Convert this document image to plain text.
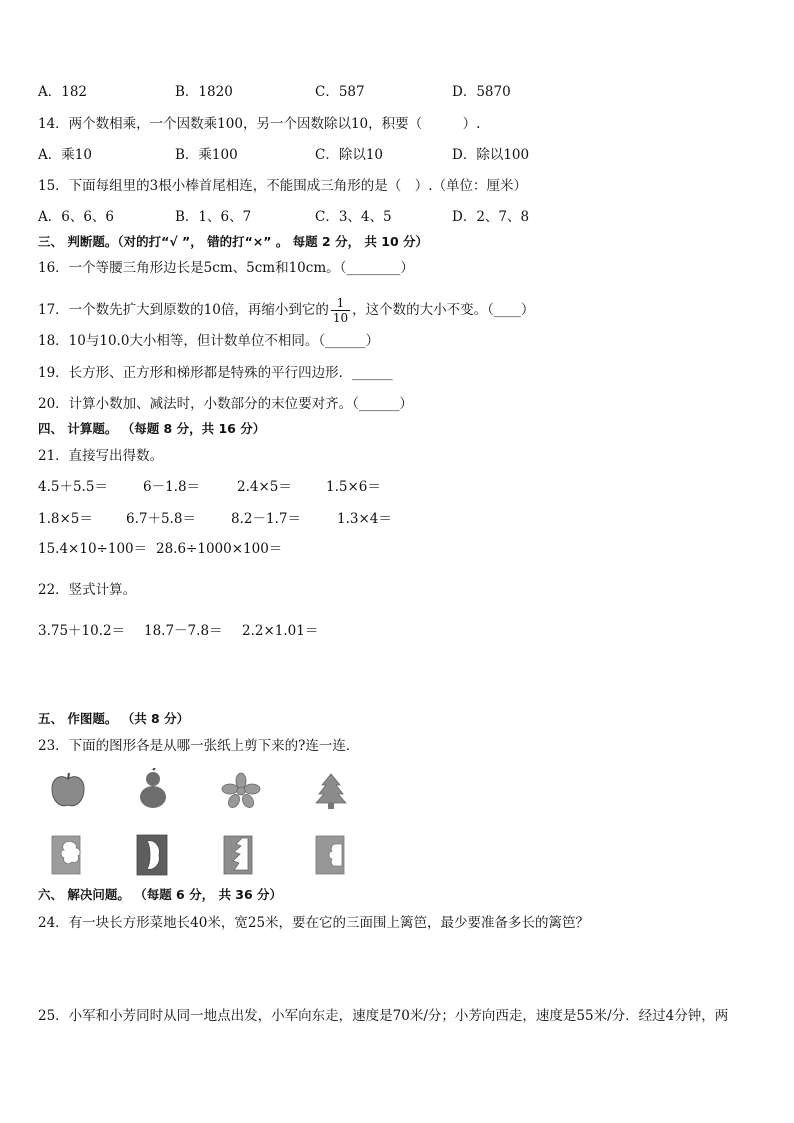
A．182	B．1820	C．587	D．5870
14．两个数相乘，一个因数乘100，另一个因数除以10，积要（　　　）.
A．乘10	B．乘100	C．除以10	D．除以100
15．下面每组里的3根小棒首尾相连，不能围成三角形的是（　）.（单位：厘米）
A．6、6、6	B．1、6、7	C．3、4、5	D．2、7、8
三、 判断题。（对的打“√ ”， 错的打“×” 。 每题 2 分， 共 10 分）
16．一个等腰三角形边长是5cm、5cm和10cm。（________）
17．一个数先扩大到原数的10倍，再缩小到它的 $\frac{1}{10}$ ，这个数的大小不变。（____）
18．10与10.0大小相等，但计数单位不相同。（______）
19．长方形、正方形和梯形都是特殊的平行四边形．______
20．计算小数加、减法时，小数部分的末位要对齐。（______）
四、 计算题。 （每题 8 分，共 16 分）
21．直接写出得数。
4.5＋5.5＝	6－1.8＝	2.4×5＝	1.5×6＝
1.8×5＝ 6.7＋5.8＝	8.2－1.7＝	1.3×4＝
15.4×10÷100＝ 28.6÷1000×100＝
22．竖式计算。
3.75＋10.2＝ 18.7－7.8＝ 2.2×1.01＝
五、 作图题。 （共 8 分）
23．下面的图形各是从哪一张纸上剪下来的?连一连．
六、 解决问题。 （每题 6 分， 共 36 分）
24．有一块长方形菜地长40米，宽25米，要在它的三面围上篱笆，最少要准备多长的篱笆？
25．小军和小芳同时从同一地点出发，小军向东走，速度是70米/分；小芳向西走，速度是55米/分．经过4分钟，两
